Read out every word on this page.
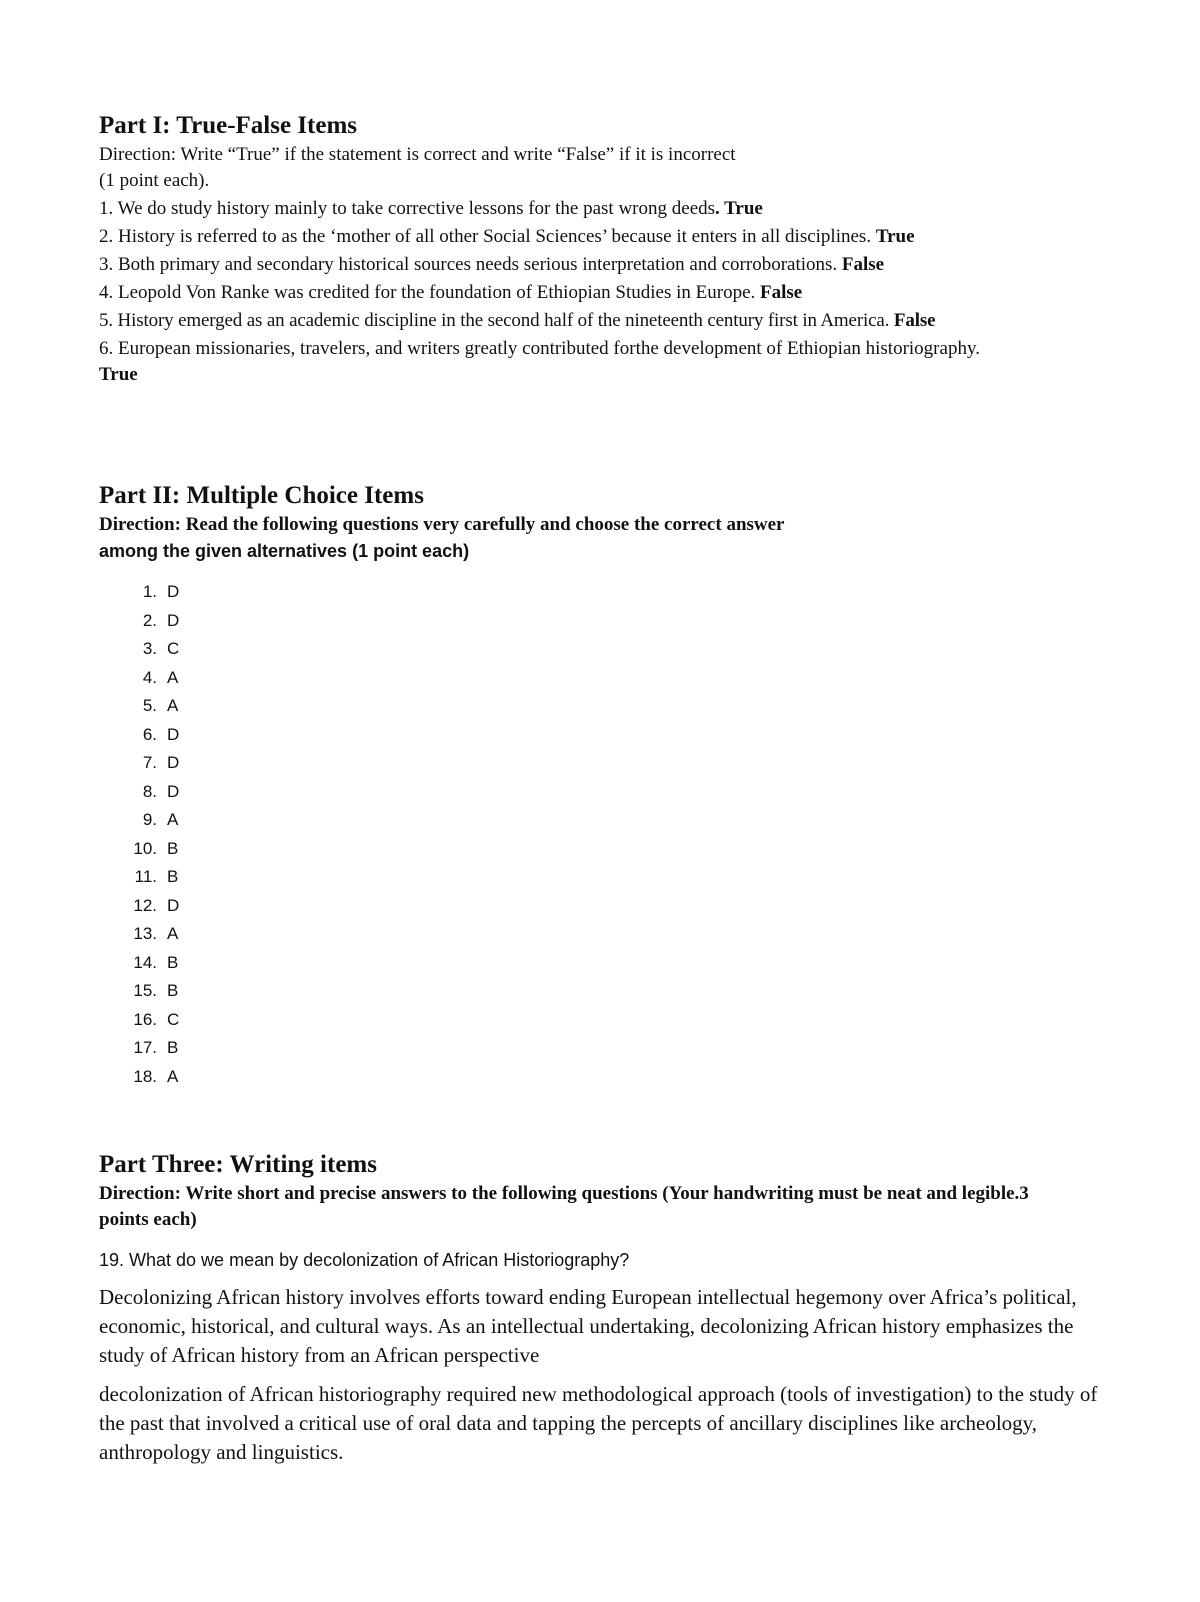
Part I: True-False Items
Direction: Write “True” if the statement is correct and write “False” if it is incorrect
(1 point each).
1. We do study history mainly to take corrective lessons for the past wrong deeds. True
2. History is referred to as the ‘mother of all other Social Sciences’ because it enters in all disciplines. True
3. Both primary and secondary historical sources needs serious interpretation and corroborations. False
4. Leopold Von Ranke was credited for the foundation of Ethiopian Studies in Europe. False
5. History emerged as an academic discipline in the second half of the nineteenth century first in America. False
6. European missionaries, travelers, and writers greatly contributed forthe development of Ethiopian historiography. True
Part II: Multiple Choice Items
Direction: Read the following questions very carefully and choose the correct answer
among the given alternatives (1 point each)
1. D
2. D
3. C
4. A
5. A
6. D
7. D
8. D
9. A
10. B
11. B
12. D
13. A
14. B
15. B
16. C
17. B
18. A
Part Three: Writing items
Direction: Write short and precise answers to the following questions (Your handwriting must be neat and legible.3 points each)
19. What do we mean by decolonization of African Historiography?

Decolonizing African history involves efforts toward ending European intellectual hegemony over Africa’s political, economic, historical, and cultural ways. As an intellectual undertaking, decolonizing African history emphasizes the study of African history from an African perspective

decolonization of African historiography required new methodological approach (tools of investigation) to the study of the past that involved a critical use of oral data and tapping the percepts of ancillary disciplines like archeology, anthropology and linguistics.
